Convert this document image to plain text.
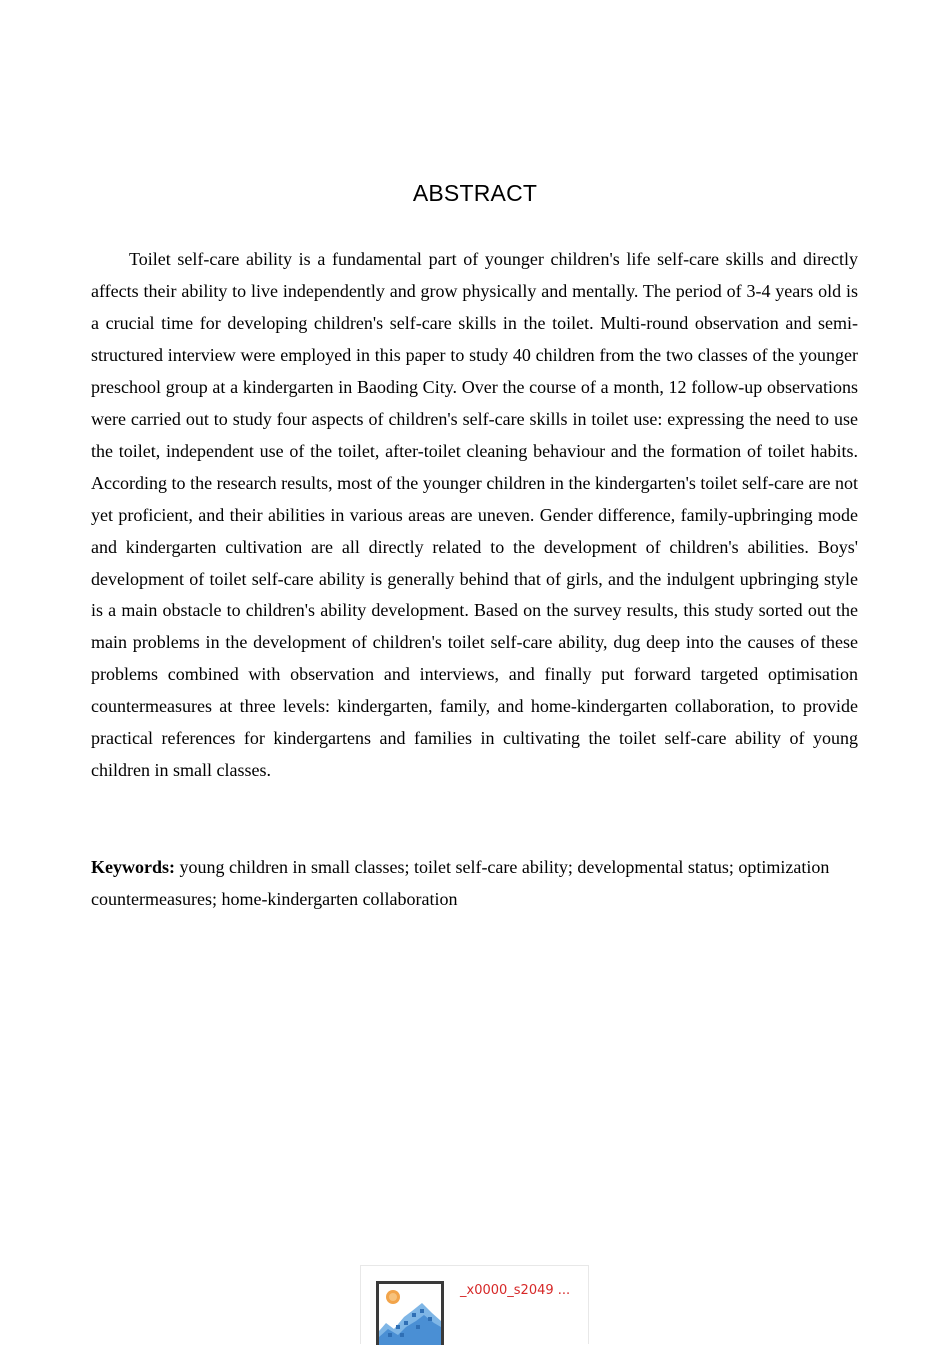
ABSTRACT

Toilet self-care ability is a fundamental part of younger children's life self-care skills and directly affects their ability to live independently and grow physically and mentally. The period of 3-4 years old is a crucial time for developing children's self-care skills in the toilet. Multi-round observation and semi-structured interview were employed in this paper to study 40 children from the two classes of the younger preschool group at a kindergarten in Baoding City. Over the course of a month, 12 follow-up observations were carried out to study four aspects of children's self-care skills in toilet use: expressing the need to use the toilet, independent use of the toilet, after-toilet cleaning behaviour and the formation of toilet habits. According to the research results, most of the younger children in the kindergarten's toilet self-care are not yet proficient, and their abilities in various areas are uneven. Gender difference, family-upbringing mode and kindergarten cultivation are all directly related to the development of children's abilities. Boys' development of toilet self-care ability is generally behind that of girls, and the indulgent upbringing style is a main obstacle to children's ability development. Based on the survey results, this study sorted out the main problems in the development of children's toilet self-care ability, dug deep into the causes of these problems combined with observation and interviews, and finally put forward targeted optimisation countermeasures at three levels: kindergarten, family, and home-kindergarten collaboration, to provide practical references for kindergartens and families in cultivating the toilet self-care ability of young children in small classes.

Keywords: young children in small classes; toilet self-care ability; developmental status; optimization countermeasures; home-kindergarten collaboration

_x0000_s2049 ...
